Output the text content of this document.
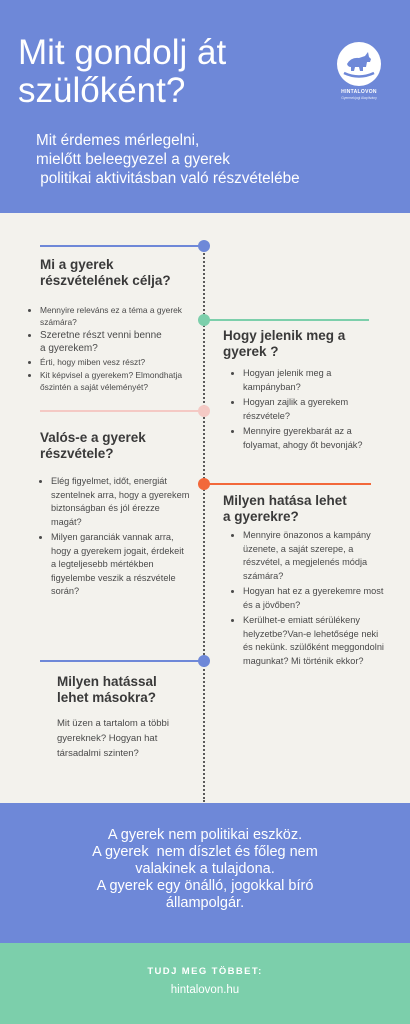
Mit gondolj át
szülőként?	HINTALOVON
Gyermekjogi Alapítvány
Mit érdemes mérlegelni,
mielőtt beleegyezel a gyerek
politikai aktivitásban való részvételébe
Mi a gyerek
részvételének célja?
• Mennyire releváns ez a téma a gyerek számára?
• Szeretne részt venni benne a gyerekem?
• Érti, hogy miben vesz részt?
• Kit képvisel a gyerekem? Elmondhatja őszintén a saját véleményét?
Hogy jelenik meg a
gyerek ?
• Hogyan jelenik meg a kampányban?
• Hogyan zajlik a gyerekem részvétele?
• Mennyire gyerekbarát az a folyamat, ahogy őt bevonják?
Valós-e a gyerek
részvétele?
• Elég figyelmet, időt, energiát szentelnek arra, hogy a gyerekem biztonságban és jól érezze magát?
• Milyen garanciák vannak arra, hogy a gyerekem jogait, érdekeit a legteljesebb mértékben figyelembe veszik a részvétele során?
Milyen hatása lehet
a gyerekre?
• Mennyire önazonos a kampány üzenete, a saját szerepe, a részvétel, a megjelenés módja számára?
• Hogyan hat ez a gyerekemre most és a jövőben?
• Kerülhet-e emiatt sérülékeny helyzetbe?Van-e lehetősége neki és nekünk. szülőként meggondolni magunkat? Mi történik ekkor?
Milyen hatással
lehet másokra?
Mit üzen a tartalom a többi gyereknek? Hogyan hat társadalmi szinten?
A gyerek nem politikai eszköz.
A gyerek  nem díszlet és főleg nem
valakinek a tulajdona.
A gyerek egy önálló, jogokkal bíró
állampolgár.
TUDJ MEG TÖBBET:
hintalovon.hu
